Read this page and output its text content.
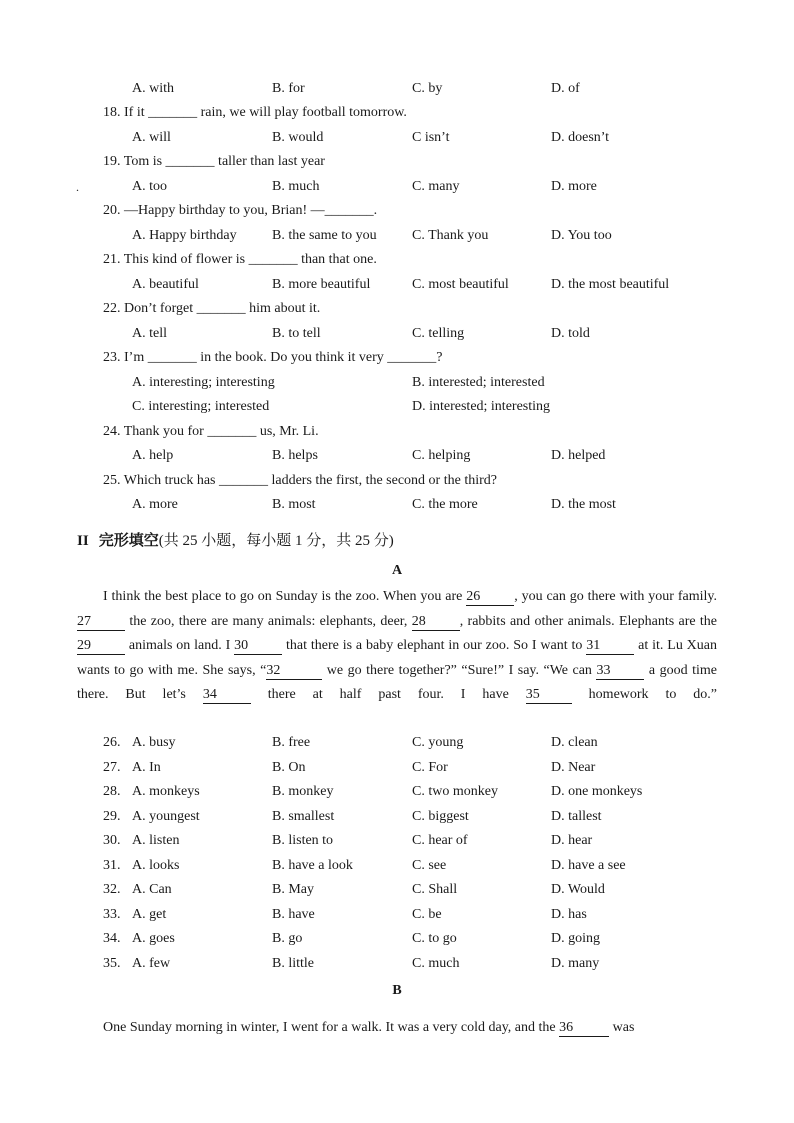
A. with	B. for	C. by	D. of
18. If it _______ rain, we will play football tomorrow.
A. will	B. would	C isn’t	D. doesn’t
19. Tom is _______ taller than last year
A. too	B. much	C. many	D. more
20. —Happy birthday to you, Brian! —_______.
A. Happy birthday	B. the same to you	C. Thank you	D. You too
21. This kind of flower is _______ than that one.
A. beautiful	B. more beautiful	C. most beautiful	D. the most beautiful
22. Don’t forget _______ him about it.
A. tell	B. to tell	C. telling	D. told
23. I’m _______ in the book. Do you think it very _______?
A. interesting; interesting	B. interested; interested
C. interesting; interested	D. interested; interesting
24. Thank you for _______ us, Mr. Li.
A. help	B. helps	C. helping	D. helped
25. Which truck has _______ ladders the first, the second or the third?
A. more	B. most	C. the more	D. the most
.
II 完形填空(共 25 小题，每小题 1 分，共 25 分)
A
I think the best place to go on Sunday is the zoo. When you are 26 , you can go there with your family. 27 the zoo, there are many animals: elephants, deer, 28 , rabbits and other animals. Elephants are the 29 animals on land. I 30 that there is a baby elephant in our zoo. So I want to 31 at it. Lu Xuan wants to go with me. She says, “32	we go there together?” “Sure!” I say. “We can 33 a good time there. But let’s 34 there at half past four. I have 35 homework to do.”
26. A. busy	B. free	C. young	D. clean
27. A. In	B. On	C. For	D. Near
28. A. monkeys	B. monkey	C. two monkey	D. one monkeys
29. A. youngest	B. smallest	C. biggest	D. tallest
30. A. listen	B. listen to	C. hear of	D. hear
31. A. looks	B. have a look	C. see	D. have a see
32. A. Can	B. May	C. Shall	D. Would
33. A. get	B. have	C. be	D. has
34. A. goes	B. go	C. to go	D. going
35. A. few	B. little	C. much	D. many
B
One Sunday morning in winter, I went for a walk. It was a very cold day, and the 36	was
